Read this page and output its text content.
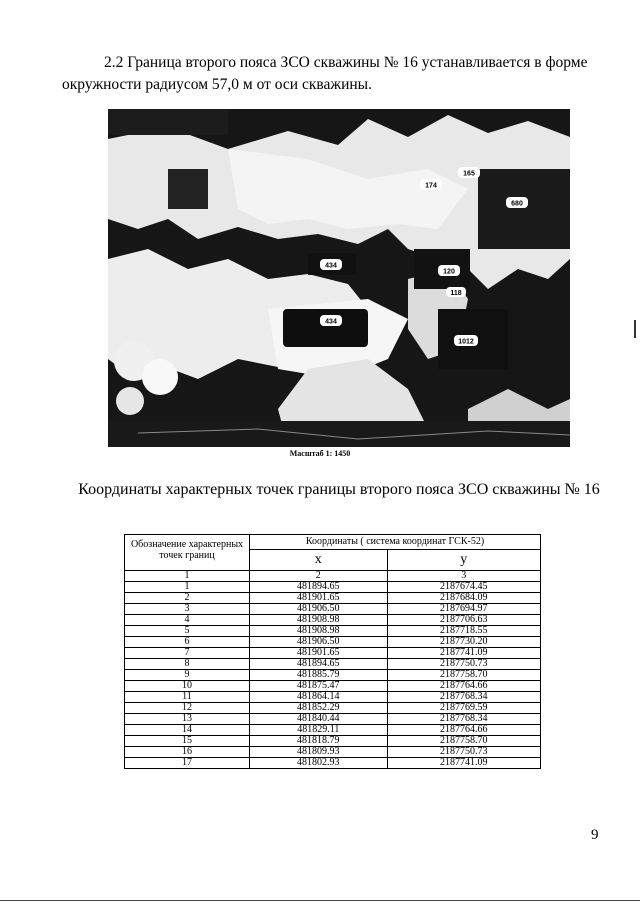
2.2 Граница второго пояса ЗСО скважины № 16 устанавливается в форме окружности радиусом 57,0 м от оси скважины.

174
165
680
434
434
120
118
1012
Масштаб 1: 1450
Координаты характерных точек границы второго пояса ЗСО скважины № 16
Обозначение характерных точек границ	Координаты ( система координат ГСК-52)	
	x	y
1	2	3
1	481894.65	2187674.45
2	481901.65	2187684.09
3	481906.50	2187694.97
4	481908.98	2187706.63
5	481908.98	2187718.55
6	481906.50	2187730.20
7	481901.65	2187741.09
8	481894.65	2187750.73
9	481885.79	2187758.70
10	481875.47	2187764.66
11	481864.14	2187768.34
12	481852.29	2187769.59
13	481840.44	2187768.34
14	481829.11	2187764.66
15	481818.79	2187758.70
16	481809.93	2187750.73
17	481802.93	2187741.09
9
